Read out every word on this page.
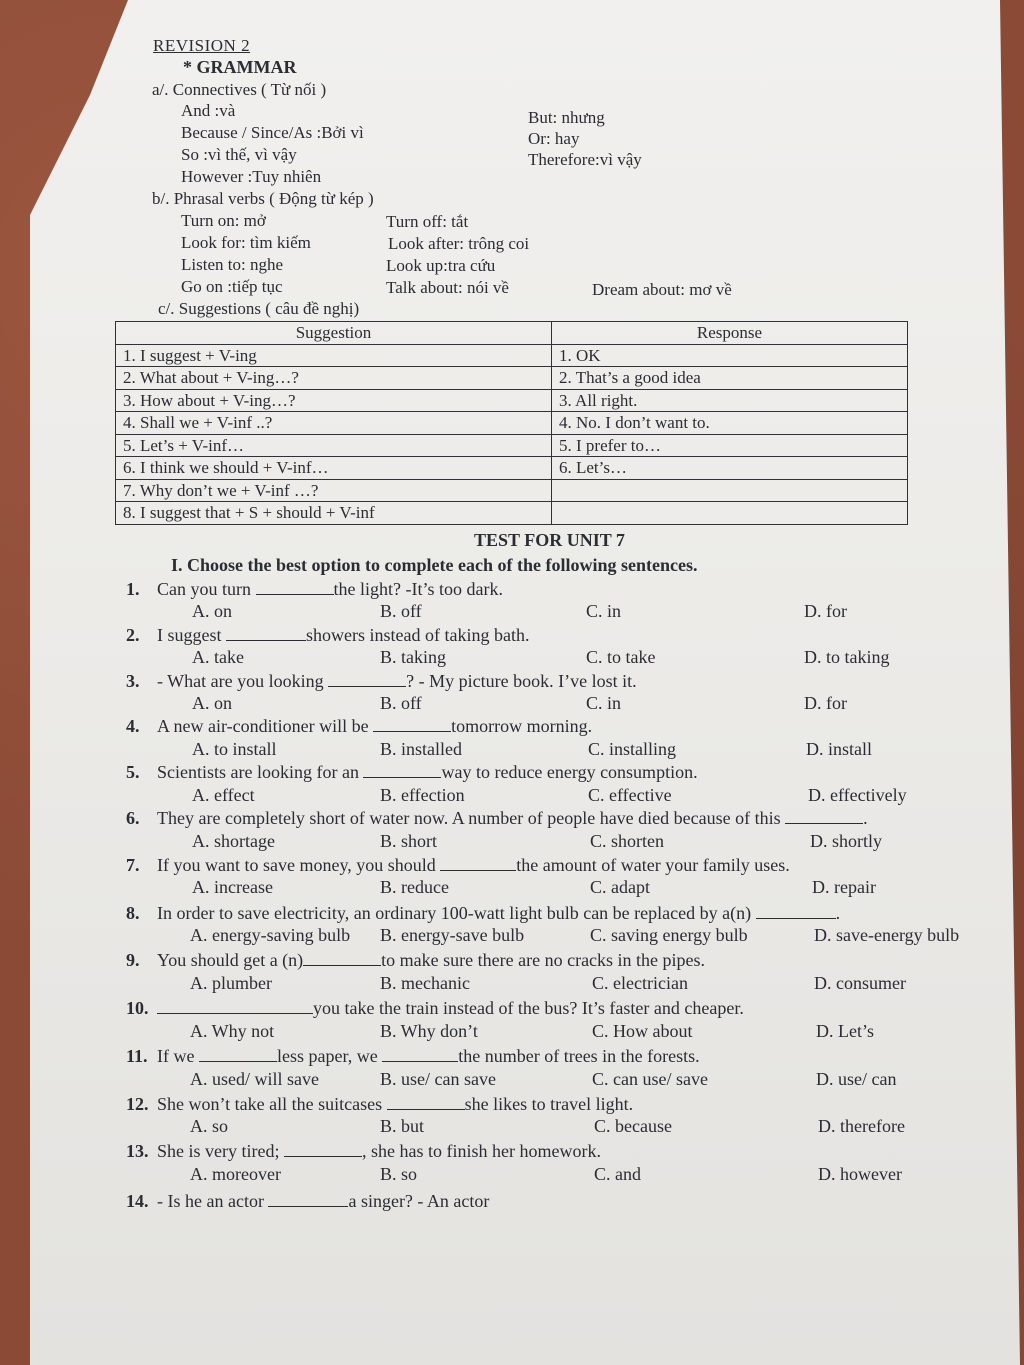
REVISION 2
* GRAMMAR
a/. Connectives ( Từ nối )
And :và
Because / Since/As :Bởi vì
So :vì thế, vì vậy
However :Tuy nhiên
But: nhưng
Or: hay
Therefore:vì vậy
b/. Phrasal verbs ( Động từ kép )
Turn on: mở
Look for: tìm kiếm
Listen to: nghe
Go on :tiếp tục
Turn off: tắt
Look after: trông coi
Look up:tra cứu
Talk about: nói về	Dream about: mơ về
c/. Suggestions ( câu đề nghị)
Suggestion	Response
1. I suggest + V-ing	1. OK
2. What about + V-ing…?	2. That’s a good idea
3. How about + V-ing…?	3. All right.
4. Shall we + V-inf ..?	4. No. I don’t want to.
5. Let’s + V-inf…	5. I prefer to…
6. I think we should + V-inf…	6. Let’s…
7. Why don’t we + V-inf …?	
8. I suggest that + S + should + V-inf	
TEST FOR UNIT 7
I. Choose the best option to complete each of the following sentences.
1. Can you turn	the light? -It’s too dark.
A. on	B. off	C. in	D. for
2. I suggest	showers instead of taking bath.
A. take	B. taking	C. to take	D. to taking
3. - What are you looking	? - My picture book. I’ve lost it.
A. on	B. off	C. in	D. for
4. A new air-conditioner will be	tomorrow morning.
A. to install	B. installed	C. installing	D. install
5. Scientists are looking for an	way to reduce energy consumption.
A. effect	B. effection	C. effective	D. effectively
6. They are completely short of water now. A number of people have died because of this	.
A. shortage	B. short	C. shorten	D. shortly
7. If you want to save money, you should	the amount of water your family uses.
A. increase	B. reduce	C. adapt	D. repair
8. In order to save electricity, an ordinary 100-watt light bulb can be replaced by a(n)	.
A. energy-saving bulb B. energy-save bulb	C. saving energy bulb	D. save-energy bulb
9. You should get a (n)	to make sure there are no cracks in the pipes.
A. plumber	B. mechanic	C. electrician	D. consumer
10.	you take the train instead of the bus? It’s faster and cheaper.
A. Why not	B. Why don’t	C. How about	D. Let’s
11. If we	less paper, we	the number of trees in the forests.
A. used/ will save	B. use/ can save	C. can use/ save	D. use/ can
12. She won’t take all the suitcases	she likes to travel light.
A. so	B. but	C. because	D. therefore
13. She is very tired;	, she has to finish her homework.
A. moreover	B. so	C. and	D. however
14. - Is he an actor	a singer? - An actor
